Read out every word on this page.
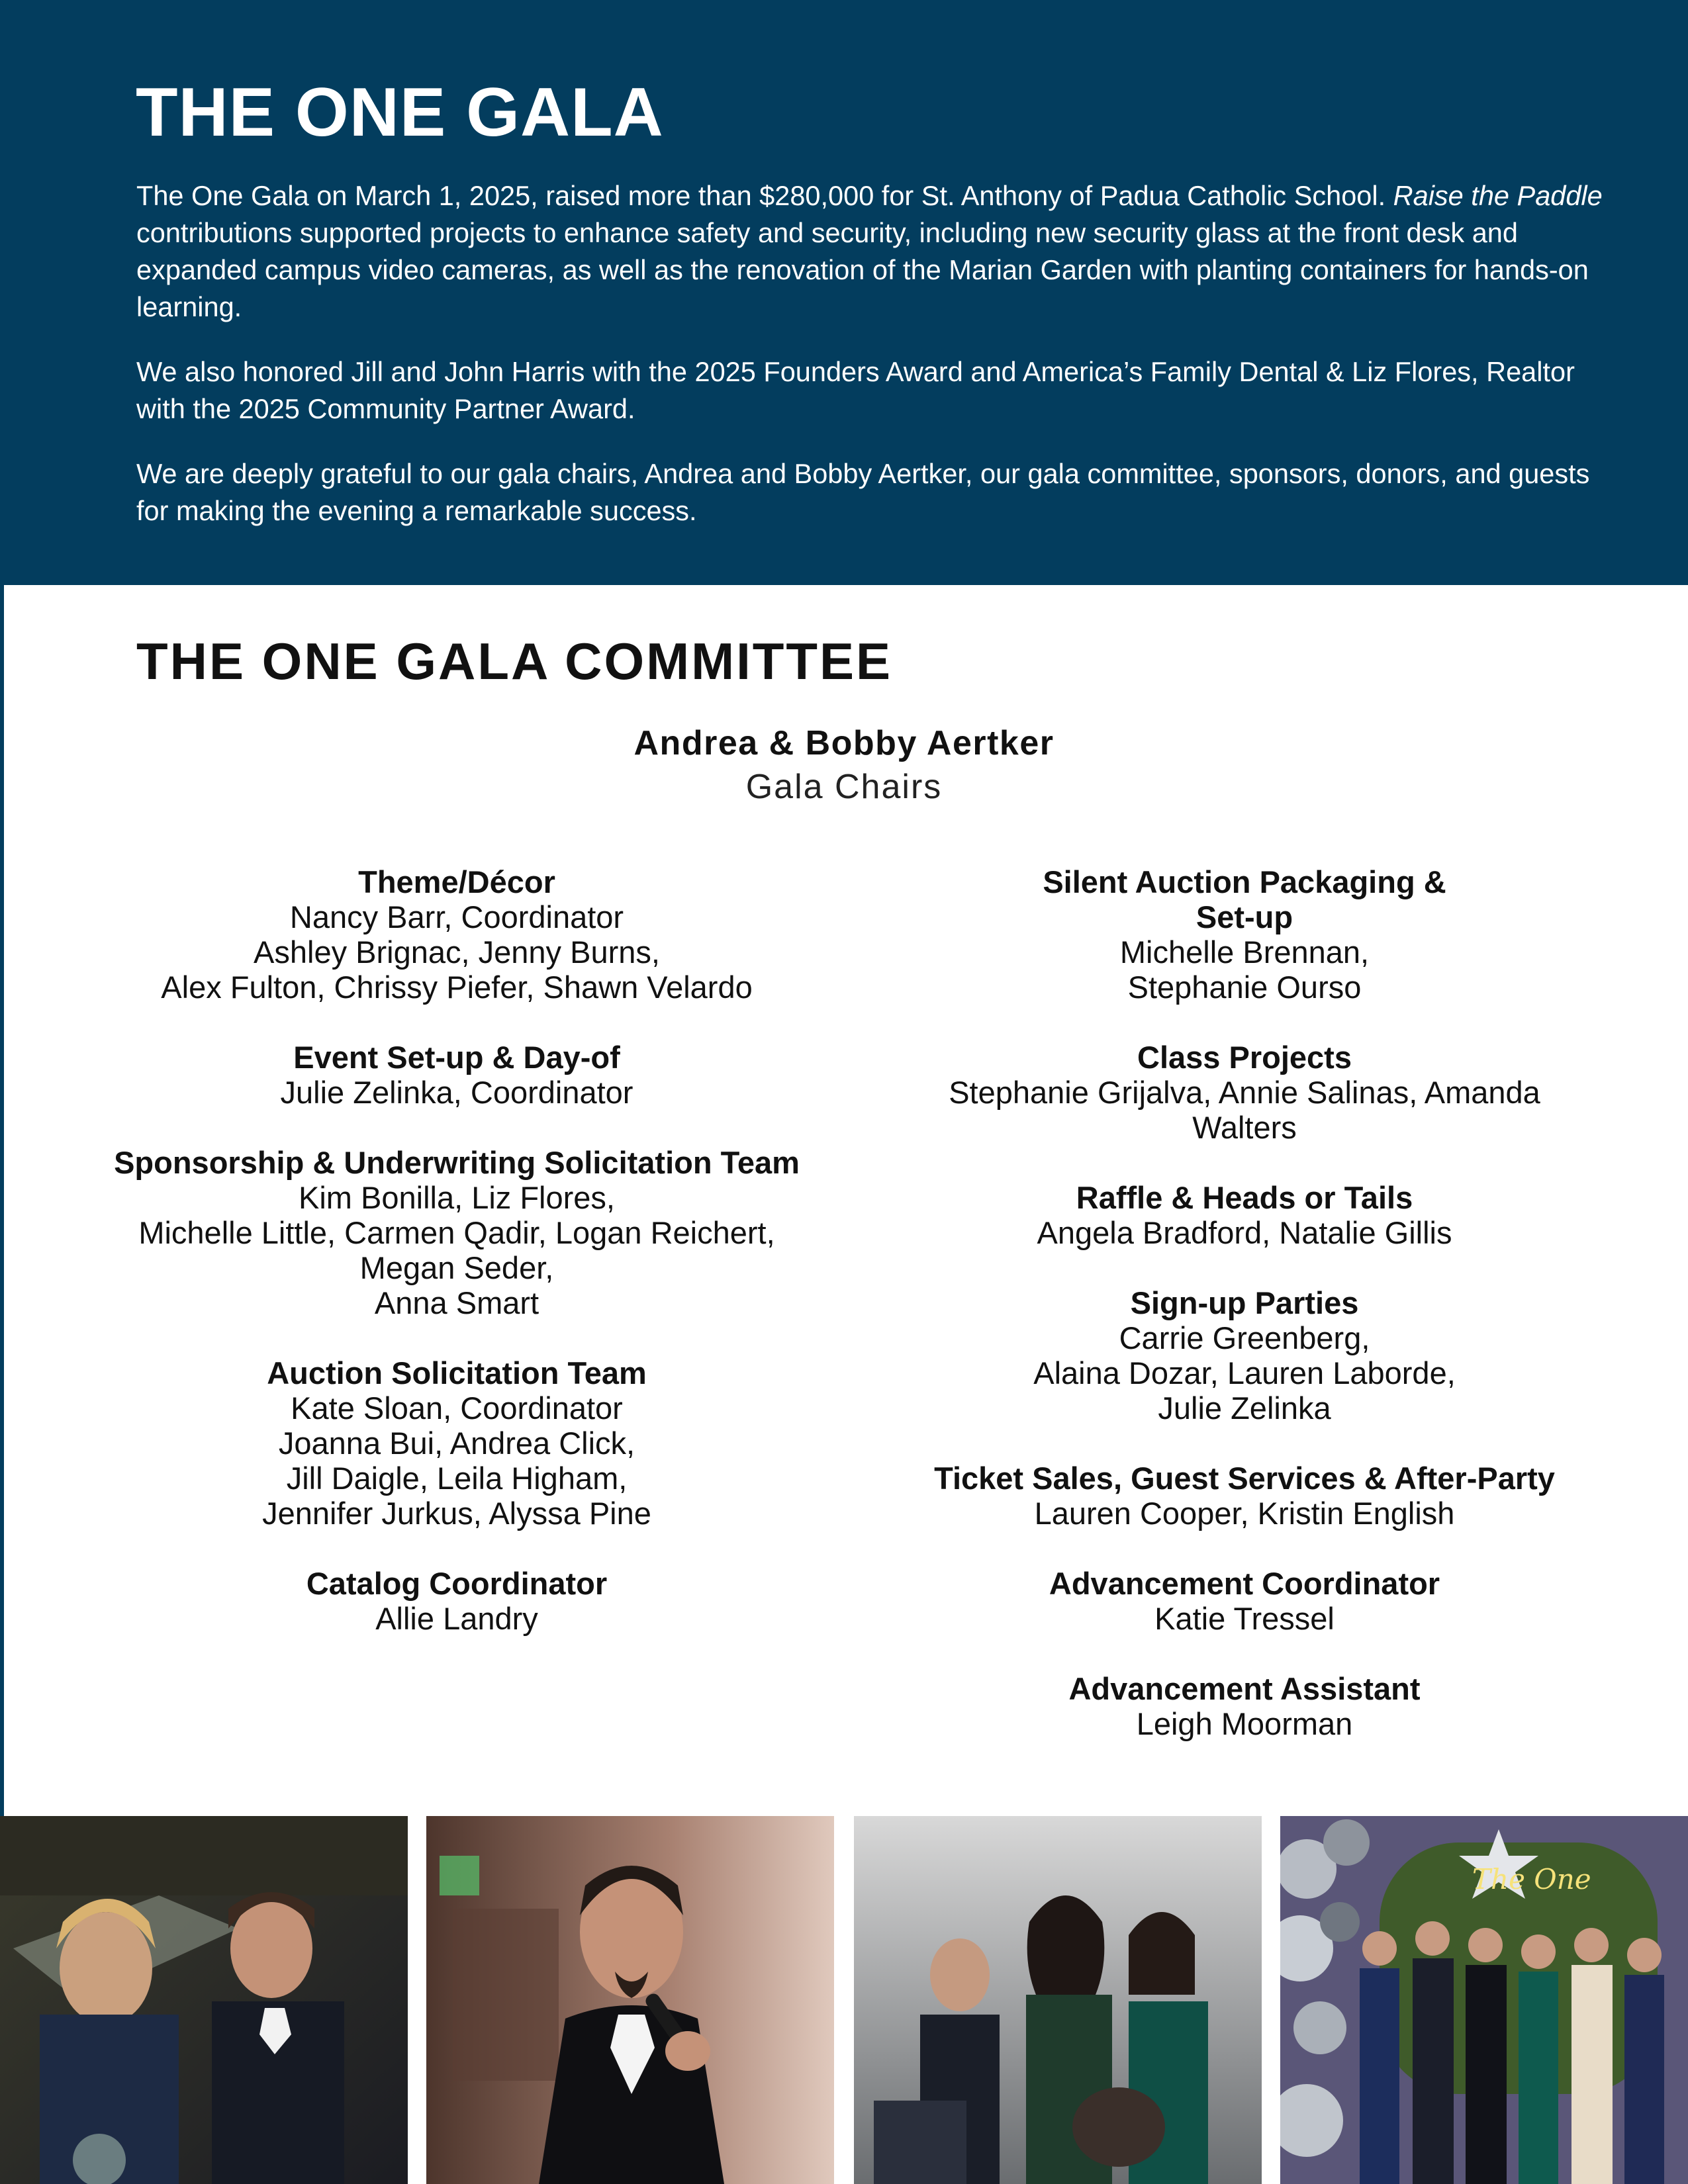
THE ONE GALA

The One Gala on March 1, 2025, raised more than $280,000 for St. Anthony of Padua Catholic School. Raise the Paddle contributions supported projects to enhance safety and security, including new security glass at the front desk and expanded campus video cameras, as well as the renovation of the Marian Garden with planting containers for hands-on learning.

We also honored Jill and John Harris with the 2025 Founders Award and America’s Family Dental & Liz Flores, Realtor with the 2025 Community Partner Award.

We are deeply grateful to our gala chairs, Andrea and Bobby Aertker, our gala committee, sponsors, donors, and guests for making the evening a remarkable success.

THE ONE GALA COMMITTEE
Andrea & Bobby Aertker
Gala Chairs
Theme/Décor
Nancy Barr, Coordinator
Ashley Brignac, Jenny Burns,
Alex Fulton, Chrissy Piefer, Shawn Velardo
Event Set-up & Day-of
Julie Zelinka, Coordinator
Sponsorship & Underwriting Solicitation Team
Kim Bonilla, Liz Flores,
Michelle Little, Carmen Qadir, Logan Reichert,
Megan Seder,
Anna Smart
Auction Solicitation Team
Kate Sloan, Coordinator
Joanna Bui, Andrea Click,
Jill Daigle, Leila Higham,
Jennifer Jurkus, Alyssa Pine
Catalog Coordinator
Allie Landry
Silent Auction Packaging &
Set-up
Michelle Brennan,
Stephanie Ourso
Class Projects
Stephanie Grijalva, Annie Salinas, Amanda
Walters
Raffle & Heads or Tails
Angela Bradford, Natalie Gillis
Sign-up Parties
Carrie Greenberg,
Alaina Dozar, Lauren Laborde,
Julie Zelinka
Ticket Sales, Guest Services & After-Party
Lauren Cooper, Kristin English
Advancement Coordinator
Katie Tressel
Advancement Assistant
Leigh Moorman
The One
